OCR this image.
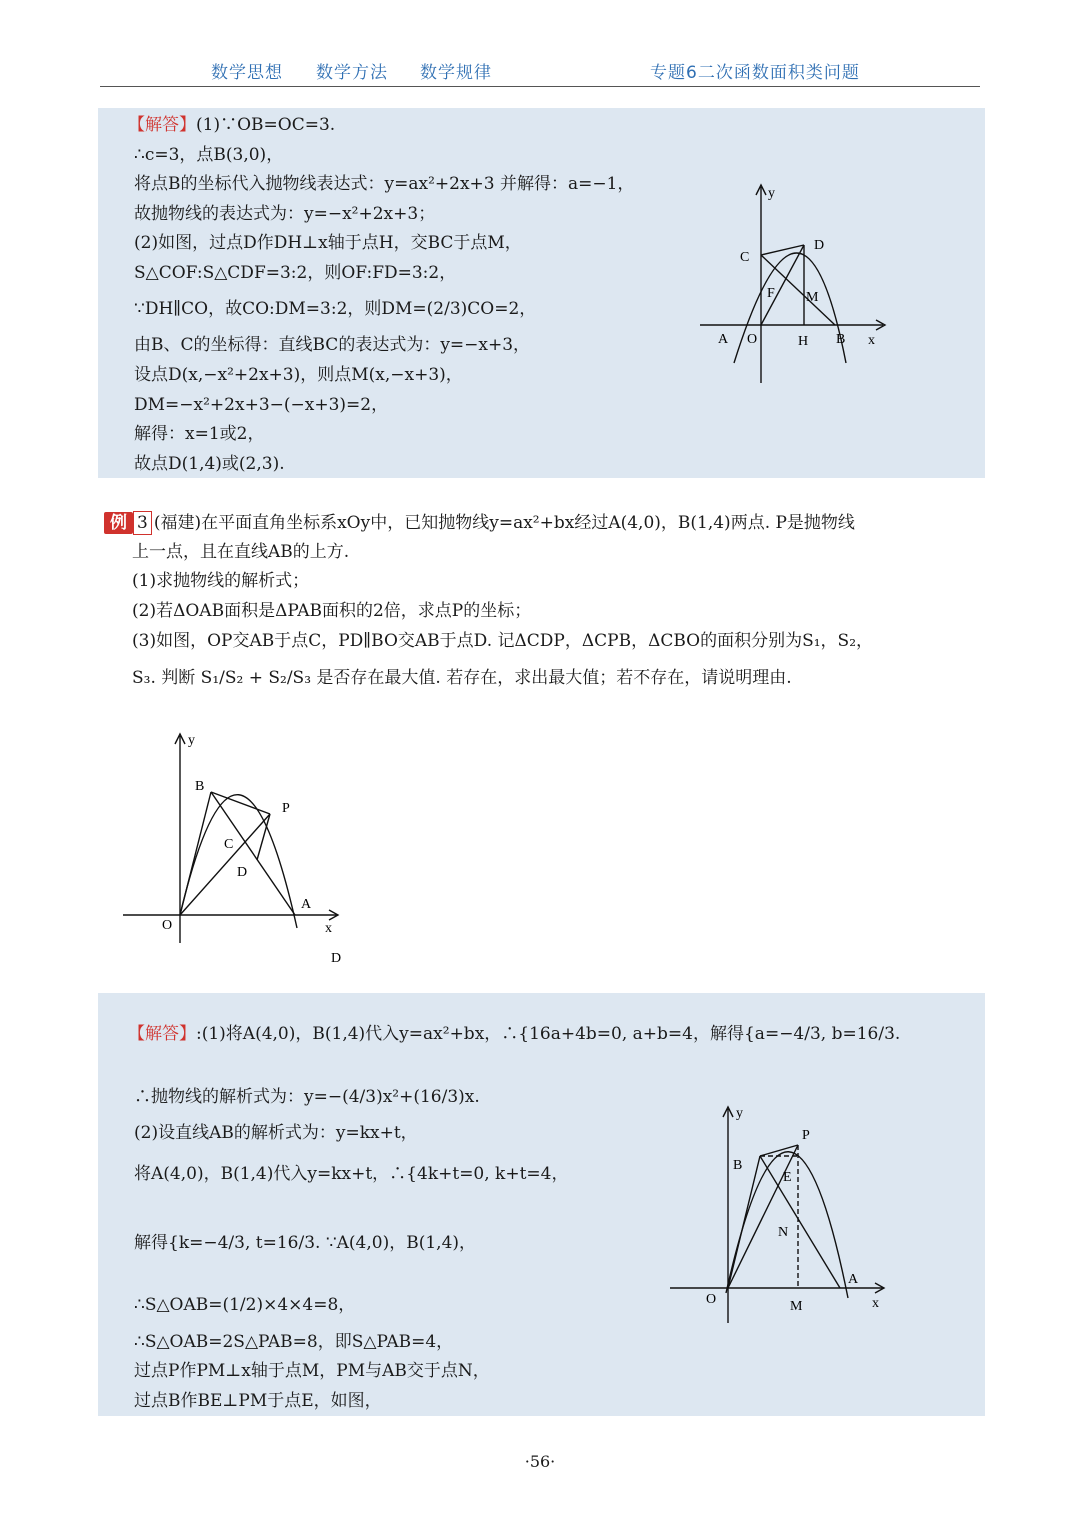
数学思想 数学方法 数学规律	专题6二次函数面积类问题
【解答】(1)∵OB=OC=3.
∴c=3，点B(3,0)，
将点B的坐标代入抛物线表达式：y=ax²+2x+3 并解得：a=−1，
故抛物线的表达式为：y=−x²+2x+3；
(2)如图，过点D作DH⊥x轴于点H，交BC于点M，
S△COF:S△CDF=3:2，则OF:FD=3:2，
∵DH∥CO，故CO:DM=3:2，则DM=(2/3)CO=2，
由B、C的坐标得：直线BC的表达式为：y=−x+3，
设点D(x,−x²+2x+3)，则点M(x,−x+3)，
DM=−x²+2x+3−(−x+3)=2，
解得：x=1或2，
故点D(1,4)或(2,3).
y
x
C
D
F M
A O	H B
例 3 (福建)在平面直角坐标系xOy中，已知抛物线y=ax²+bx经过A(4,0)，B(1,4)两点. P是抛物线
上一点，且在直线AB的上方.
(1)求抛物线的解析式；
(2)若ΔOAB面积是ΔPAB面积的2倍，求点P的坐标；
(3)如图，OP交AB于点C，PD∥BO交AB于点D. 记ΔCDP，ΔCPB，ΔCBO的面积分别为S₁，S₂，
S₃. 判断 S₁/S₂ + S₂/S₃ 是否存在最大值. 若存在，求出最大值；若不存在，请说明理由.
y
x
B
P
C
D
A
O
D
【解答】:(1)将A(4,0)，B(1,4)代入y=ax²+bx，∴{16a+4b=0, a+b=4，解得{a=−4/3, b=16/3.
∴抛物线的解析式为：y=−(4/3)x²+(16/3)x.
(2)设直线AB的解析式为：y=kx+t，
将A(4,0)，B(1,4)代入y=kx+t，∴{4k+t=0, k+t=4，
解得{k=−4/3, t=16/3. ∵A(4,0)，B(1,4)，
∴S△OAB=(1/2)×4×4=8，
∴S△OAB=2S△PAB=8，即S△PAB=4，
过点P作PM⊥x轴于点M，PM与AB交于点N，
过点B作BE⊥PM于点E，如图，
y
x
P
B
E
N
A
O	M
·56·
